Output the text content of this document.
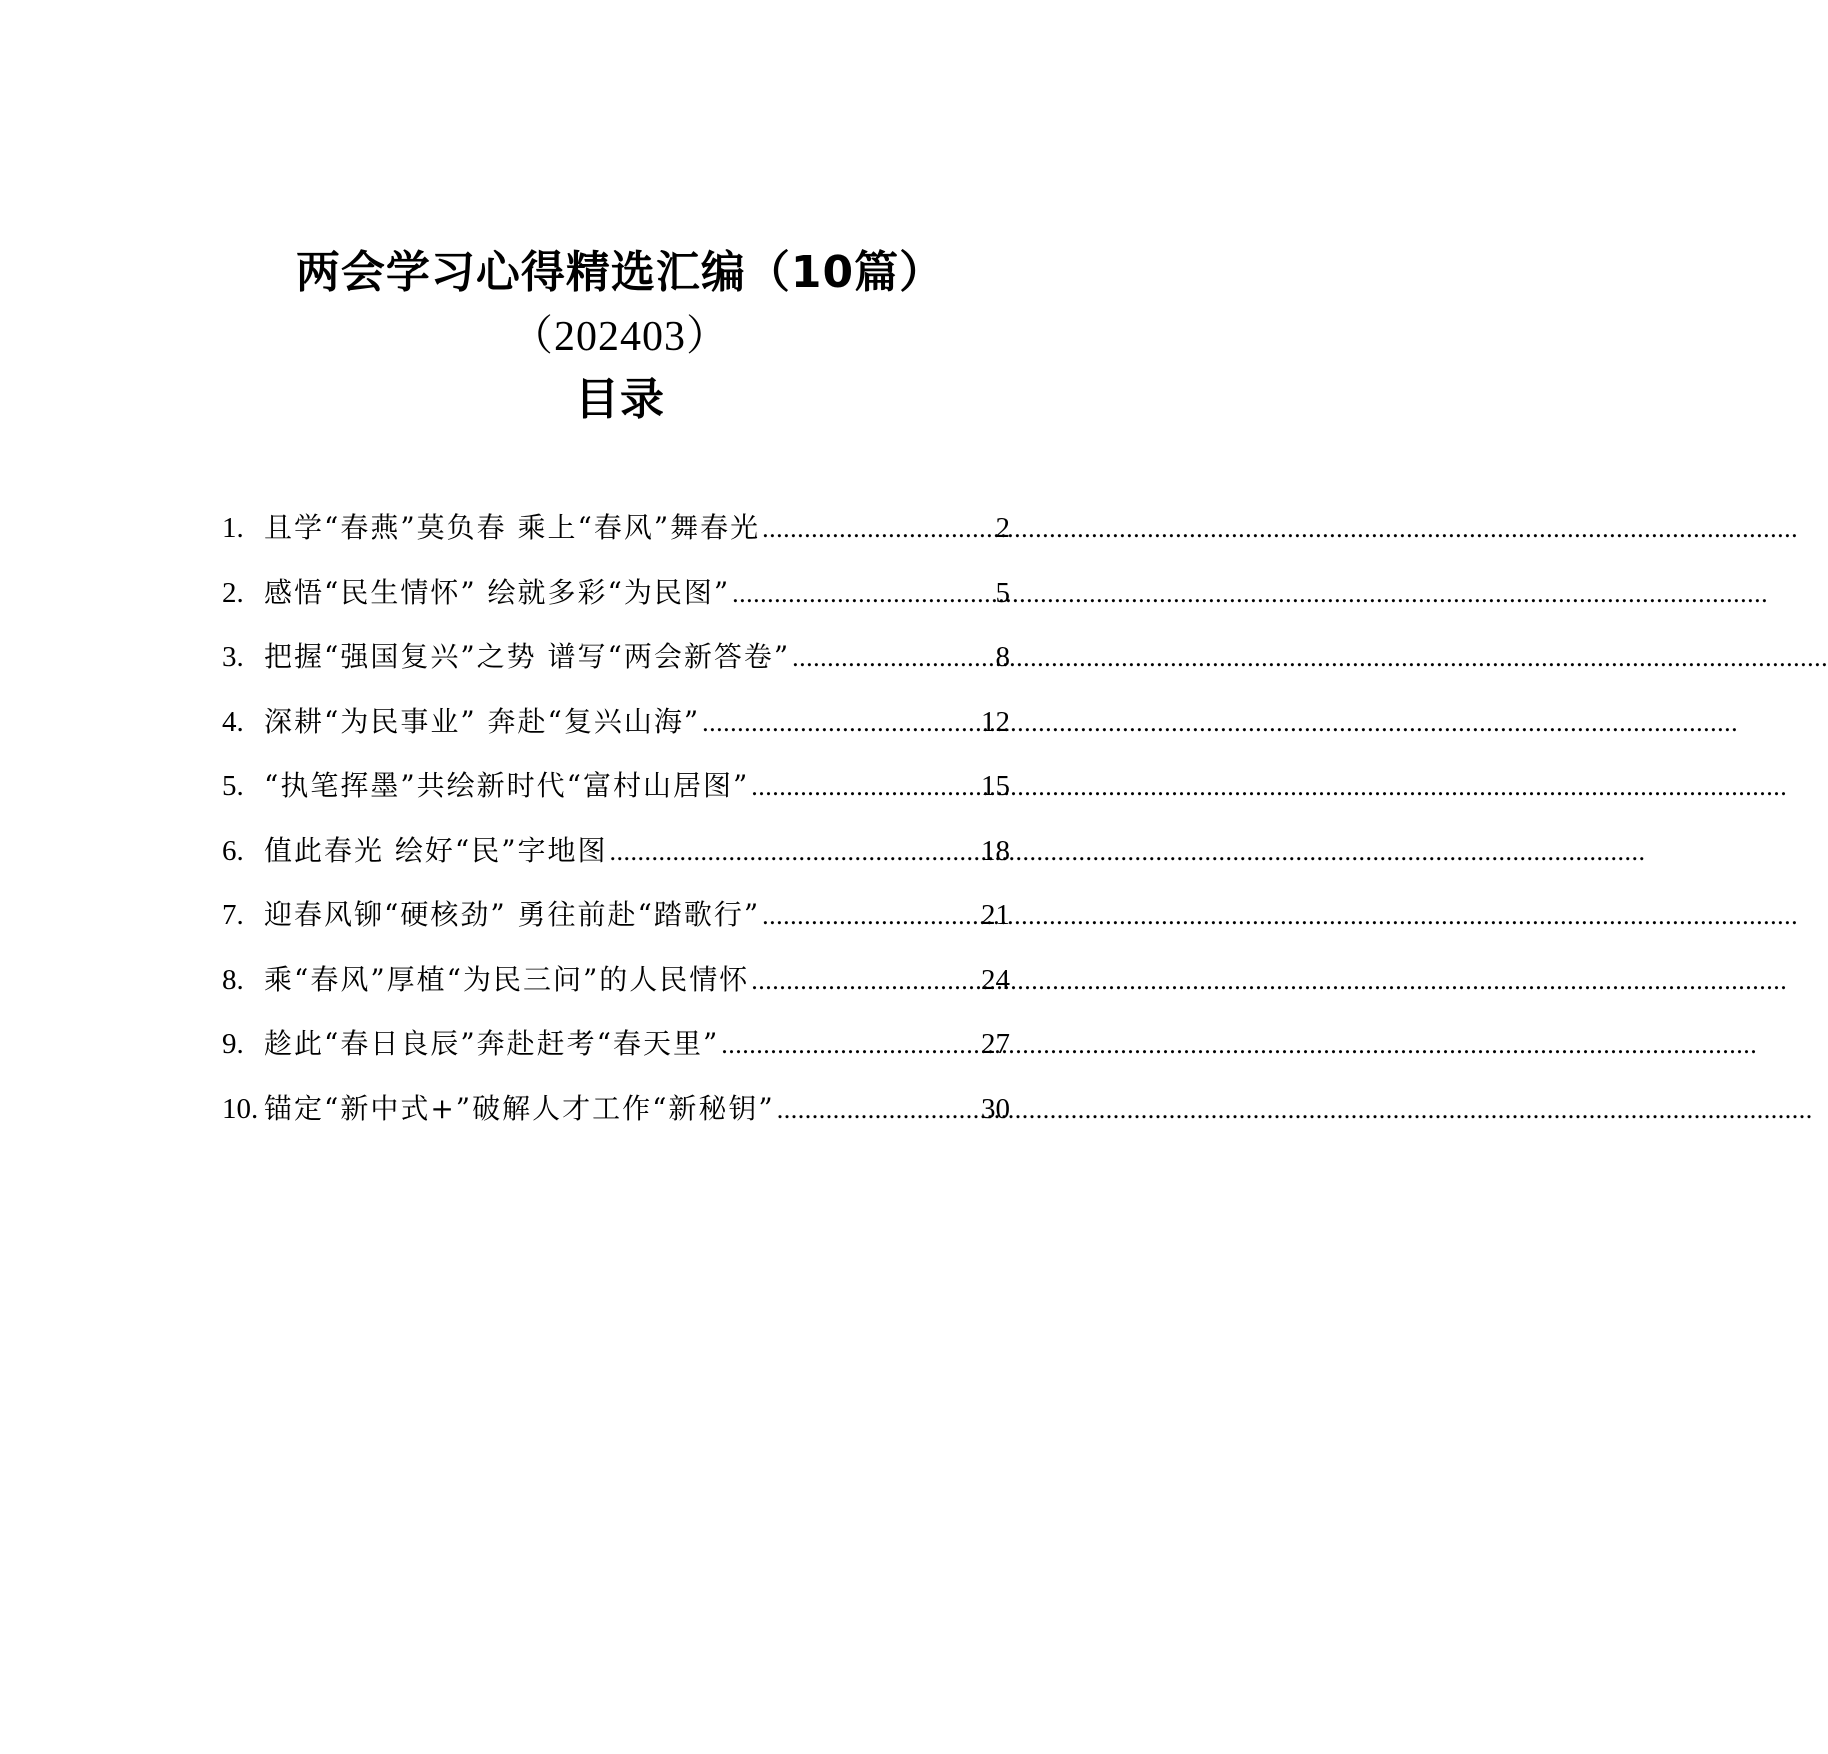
两会学习心得精选汇编（10篇）
（202403）
目录
1. 且学“春燕”莫负春 乘上“春风”舞春光 .....	2
2. 感悟“民生情怀” 绘就多彩“为民图” .....	5
3. 把握“强国复兴”之势 谱写“两会新答卷” .....	8
4. 深耕“为民事业” 奔赴“复兴山海” .....	12
5. “执笔挥墨”共绘新时代“富村山居图” .....	15
6. 值此春光 绘好“民”字地图 .....	18
7. 迎春风铆“硬核劲” 勇往前赴“踏歌行” .....	21
8. 乘“春风”厚植“为民三问”的人民情怀 .....	24
9. 趁此“春日良辰”奔赴赶考“春天里” .....	27
10. 锚定“新中式+”破解人才工作“新秘钥” .....	30
